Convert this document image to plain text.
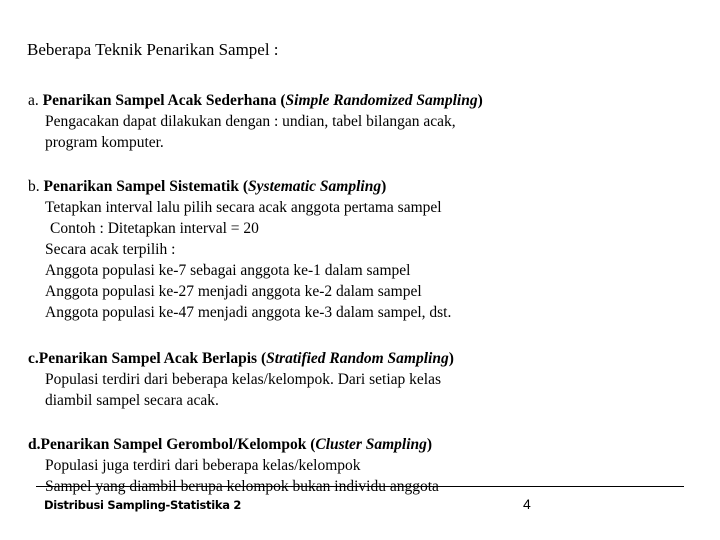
Beberapa Teknik Penarikan Sampel :
a. Penarikan Sampel Acak Sederhana (Simple Randomized Sampling)
Pengacakan dapat dilakukan dengan : undian, tabel bilangan acak,
program komputer.
b. Penarikan Sampel Sistematik (Systematic Sampling)
Tetapkan interval lalu pilih secara acak anggota pertama sampel
Contoh : Ditetapkan interval = 20
Secara acak terpilih :
Anggota populasi ke-7 sebagai anggota ke-1 dalam sampel
Anggota populasi ke-27 menjadi anggota ke-2 dalam sampel
Anggota populasi ke-47 menjadi anggota ke-3 dalam sampel, dst.
c.Penarikan Sampel Acak Berlapis (Stratified Random Sampling)
Populasi terdiri dari beberapa kelas/kelompok. Dari setiap kelas
diambil sampel secara acak.
d.Penarikan Sampel Gerombol/Kelompok (Cluster Sampling)
Populasi juga terdiri dari beberapa kelas/kelompok
Sampel yang diambil berupa kelompok bukan individu anggota
Distribusi Sampling-Statistika 2	4
